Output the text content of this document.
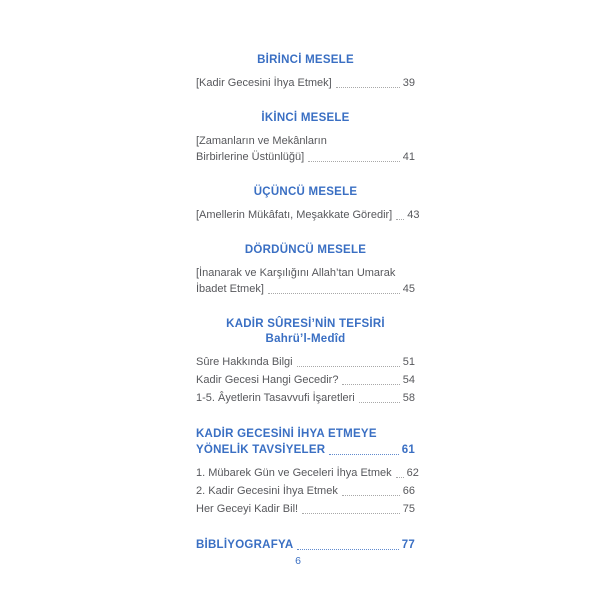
BİRİNCİ MESELE
[Kadir Gecesini İhya Etmek]	39
İKİNCİ MESELE
[Zamanların ve Mekânların
Birbirlerine Üstünlüğü]	41
ÜÇÜNCÜ MESELE
[Amellerin Mükâfatı, Meşakkate Göredir] 43
DÖRDÜNCÜ MESELE
[İnanarak ve Karşılığını Allah’tan Umarak
İbadet Etmek]	45
KADİR SÛRESİ’NİN TEFSİRİ
Bahrü’l-Medîd
Sûre Hakkında Bilgi	51
Kadir Gecesi Hangi Gecedir?	54
1-5. Âyetlerin Tasavvufi İşaretleri	58
KADİR GECESİNİ İHYA ETMEYE
YÖNELİK TAVSİYELER	61
1. Mübarek Gün ve Geceleri İhya Etmek 62
2. Kadir Gecesini İhya Etmek	66
Her Geceyi Kadir Bil!	75
BİBLİYOGRAFYA	77
6
